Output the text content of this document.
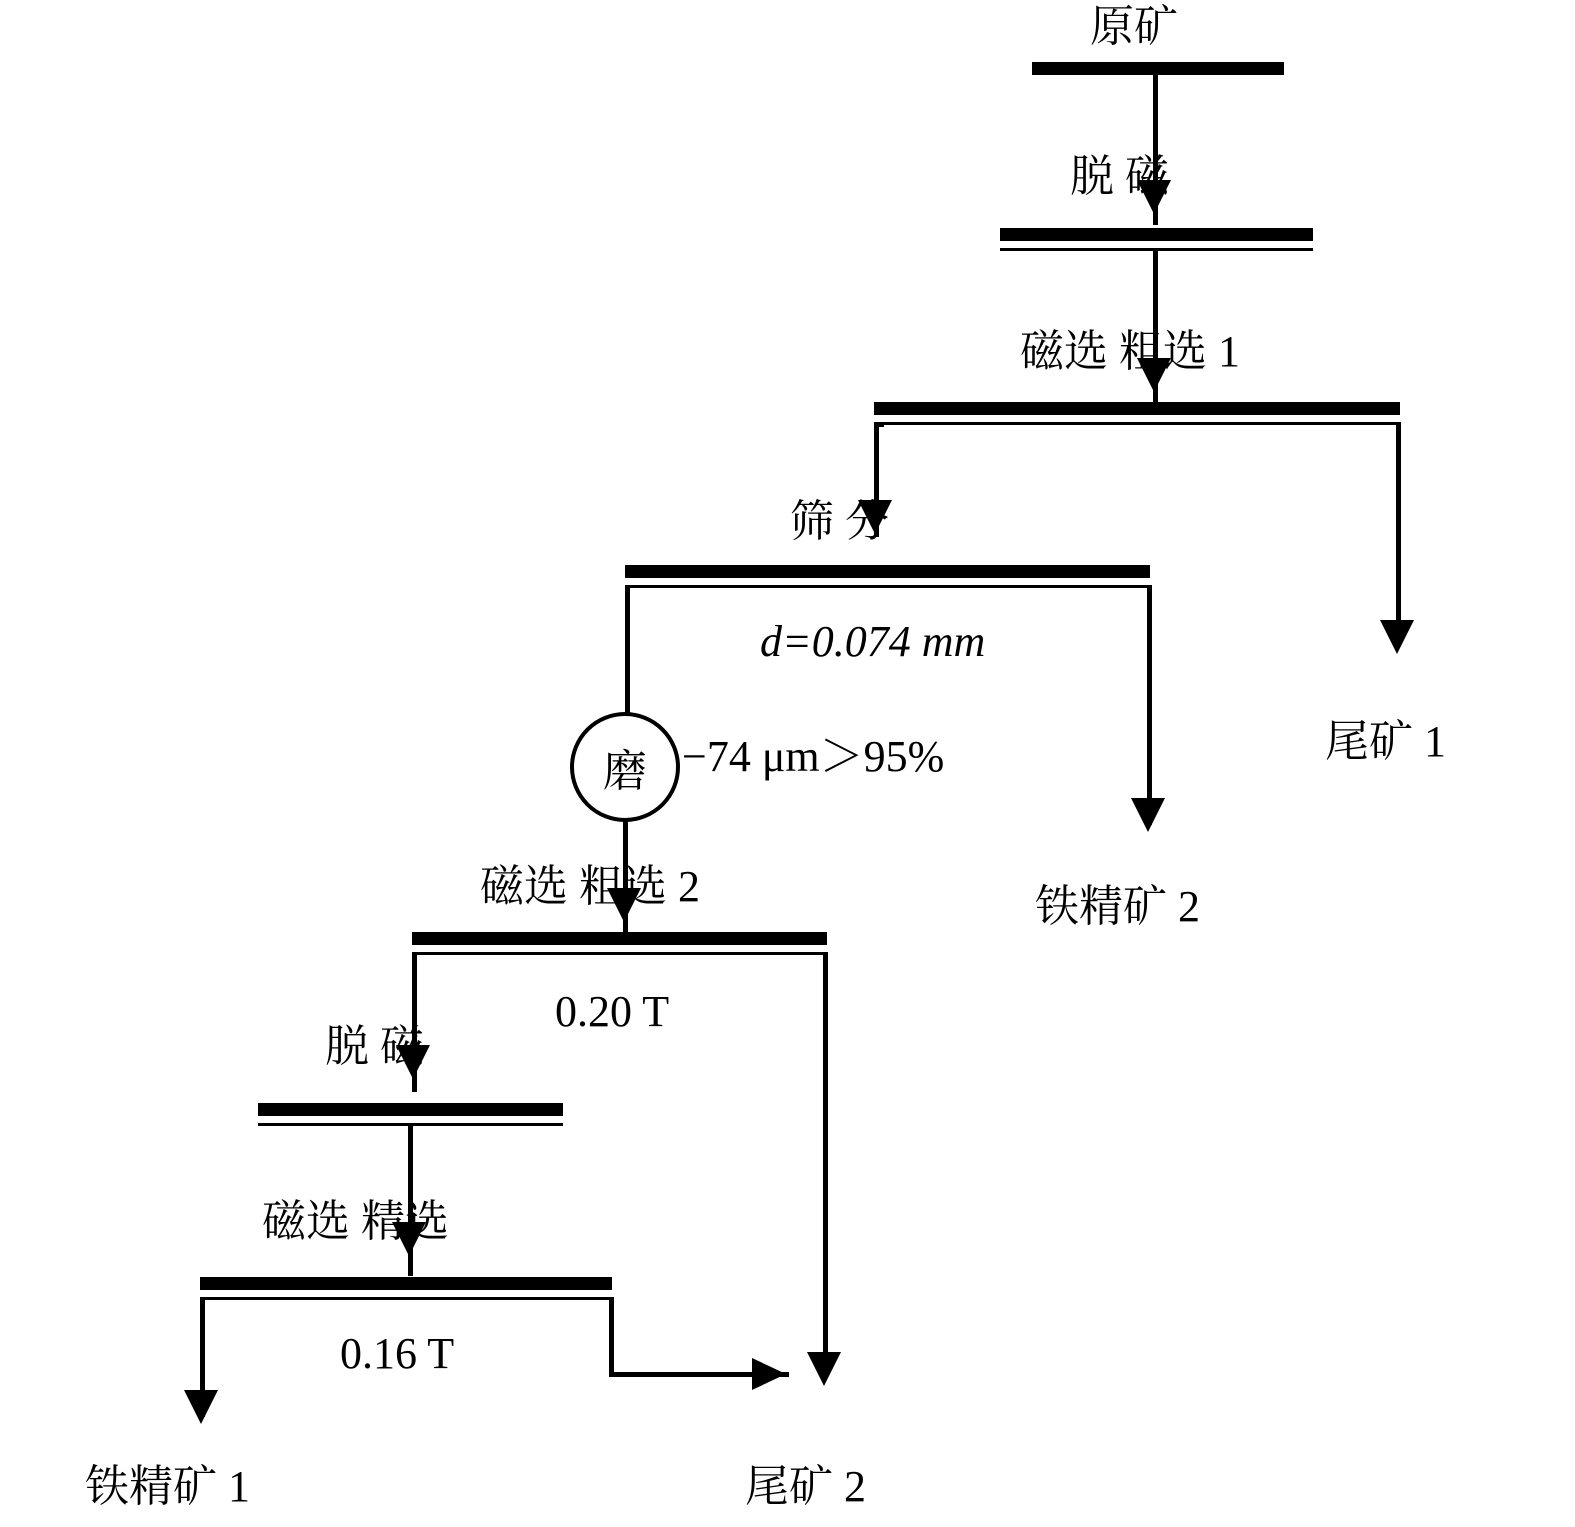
原矿
脱 磁
磁选 粗选 1
筛 分
尾矿 1
d=0.074 mm
磨 −74 μm＞95%
铁精矿 2
磁选 粗选 2
0.20 T
脱 磁
磁选 精选
0.16 T
铁精矿 1	尾矿 2
